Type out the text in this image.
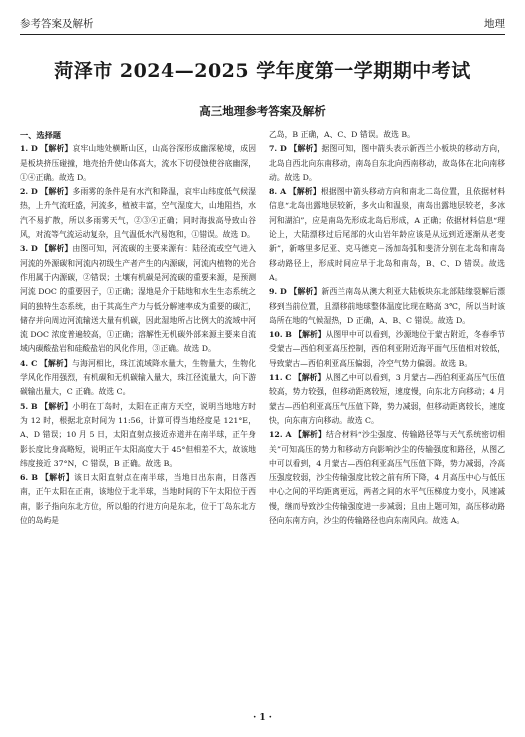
参考答案及解析	地理
菏泽市 2024—2025 学年度第一学期期中考试
高三地理参考答案及解析
一、选择题

1. D 【解析】哀牢山地处横断山区，山高谷深形成幽深秘境，成因是板块挤压碰撞，地壳抬升使山体高大，流水下切侵蚀使谷底幽深，①④正确。故选 D。

2. D 【解析】多雨雾的条件是有水汽和降温，哀牢山纬度低气候湿热，上升气流旺盛，河流多，植被丰富，空气湿度大，山地阻挡，水汽不易扩散，所以多雨雾天气，②③④正确；同时海拔高导致山谷风，对流等气流运动复杂，且气温低水汽易饱和，①错误。故选 D。

3. D 【解析】由图可知，河流碳的主要来源有：陆径流或空气进入河流的外源碳和河流内初级生产者产生的内源碳，河流内植物的光合作用属于内源碳，②错误；土壤有机碳是河流碳的重要来源，是预测河流 DOC 的重要因子，①正确；湿地是介于陆地和水生生态系统之间的独特生态系统，由于其高生产力与低分解速率成为重要的碳汇，储存并向周边河流输送大量有机碳，因此湿地所占比例大的流域中河流 DOC 浓度普遍较高，①正确；溶解性无机碳外部来源主要来自流域内碳酸盐岩和硅酸盐岩的风化作用，③正确。故选 D。

4. C 【解析】与海河相比，珠江流域降水量大，生物量大，生物化学风化作用强烈，有机碳和无机碳输入量大，珠江径流量大，向下游碳输出量大，C 正确。故选 C。

5. B 【解析】小明在丁岛时，太阳在正南方天空，说明当地地方时为 12 时，根据北京时间为 11:56，计算可得当地经度是 121°E，A、D 错误；10 月 5 日，太阳直射点接近赤道并在南半球，正午身影长度比身高略短，说明正午太阳高度大于 45°但相差不大，故该地纬度接近 37°N，C 错误，B 正确。故选 B。

6. B 【解析】该日太阳直射点在南半球，当地日出东南，日落西南，正午太阳在正南，该地位于北半球，当地时间的下午太阳位于西南，影子指向东北方位，所以船的行进方向是东北，位于丁岛东北方位的岛屿是

乙岛，B 正确，A、C、D 错误。故选 B。

7. D 【解析】据图可知，图中箭头表示新西兰小板块的移动方向，北岛自西北向东南移动，南岛自东北向西南移动，故岛体在北向南移动。故选 D。

8. A 【解析】根据图中箭头移动方向和南北二岛位置，且依据材料信息“北岛出露地层较新，多火山和温泉，南岛出露地层较老，多冰河和湖泊”，应是南岛先形成北岛后形成，A 正确；依据材料信息“理论上，大陆漂移过后尾部的火山岩年龄应该是从远到近逐渐从老变新”，新喀里多尼亚、克马德克－汤加岛弧和斐济分别在北岛和南岛移动路径上，形成时间应早于北岛和南岛，B、C、D 错误。故选 A。

9. D 【解析】新西兰南岛从澳大利亚大陆板块东北部陆缘裂解后漂移到当前位置，且漂移前地球整体温度比现在略高 3℃，所以当时该岛所在地的气候湿热，D 正确，A、B、C 错误。故选 D。

10. B 【解析】从图甲中可以看到，沙源地位于蒙古附近，冬春季节受蒙古—西伯利亚高压控制，西伯利亚附近海平面气压值相对较低，导致蒙古—西伯利亚高压偏弱，冷空气势力偏弱。故选 B。

11. C 【解析】从图乙中可以看到，3 月蒙古—西伯利亚高压气压值较高，势力较强，但移动距离较短，速度慢，向东北方向移动；4 月蒙古—西伯利亚高压气压值下降，势力减弱，但移动距离较长，速度快，向东南方向移动。故选 C。

12. A 【解析】结合材料“沙尘强度、传输路径等与天气系统密切相关”可知高压的势力和移动方向影响沙尘的传输强度和路径，从图乙中可以看到，4 月蒙古—西伯利亚高压气压值下降，势力减弱，冷高压强度较弱，沙尘传输强度比较之前有所下降，4 月高压中心与低压中心之间的平均距离更远，两者之间的水平气压梯度力变小，风速减慢，继而导致沙尘传输强度进一步减弱；且由上题可知，高压移动路径向东南方向，沙尘的传输路径也向东南风向。故选 A。

· 1 ·
